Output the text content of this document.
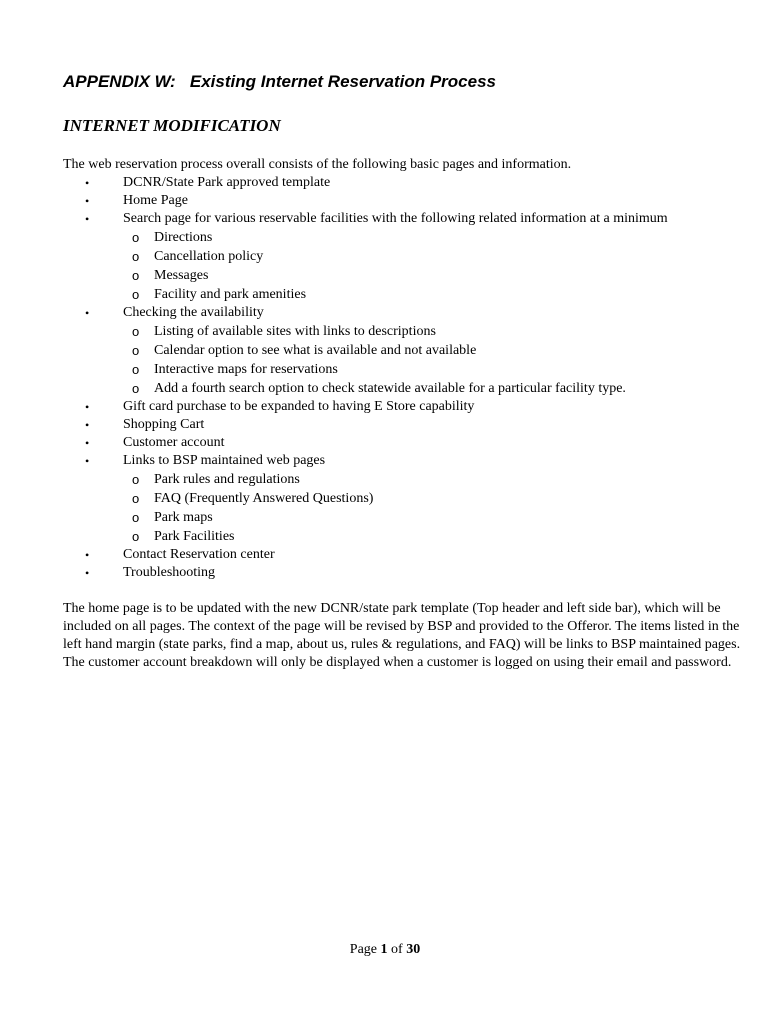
APPENDIX W: Existing Internet Reservation Process
INTERNET MODIFICATION

The web reservation process overall consists of the following basic pages and information.

• DCNR/State Park approved template
• Home Page
• Search page for various reservable facilities with the following related information at a minimum
o Directions
o Cancellation policy
o Messages
o Facility and park amenities
• Checking the availability
o Listing of available sites with links to descriptions
o Calendar option to see what is available and not available
o Interactive maps for reservations
o Add a fourth search option to check statewide available for a particular facility type.
• Gift card purchase to be expanded to having E Store capability
• Shopping Cart
• Customer account
• Links to BSP maintained web pages
o Park rules and regulations
o FAQ (Frequently Answered Questions)
o Park maps
o Park Facilities
• Contact Reservation center
• Troubleshooting

The home page is to be updated with the new DCNR/state park template (Top header and left side bar), which will be included on all pages. The context of the page will be revised by BSP and provided to the Offeror. The items listed in the left hand margin (state parks, find a map, about us, rules & regulations, and FAQ) will be links to BSP maintained pages. The customer account breakdown will only be displayed when a customer is logged on using their email and password.

Page 1 of 30
